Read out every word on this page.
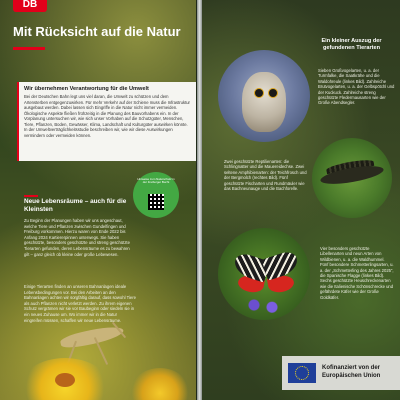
DB
Mit Rücksicht auf die Natur
Wir übernehmen Verantwortung für die Umwelt

Bei der Deutschen Bahn legt uns viel daran, die Umwelt zu schützen und dem Artensterben entgegenzuwirken. Für mehr Verkehr auf der Schiene muss die Infrastruktur ausgebaut werden. Dabei lassen sich Eingriffe in die Natur nicht immer vermeiden. Ökologische Aspekte fließen frühzeitig in die Planung des Bauvorhabens ein. In der Vorplanung untersuchen wir, wie sich unser Vorhaben auf die Schutzgüter, Menschen, Tiere, Pflanzen, Boden, Gewässer, Klima, Landschaft und Kulturgüter auswirken könnte. In der Umweltverträglichkeitsstudie beschreiben wir, wie wir diese Auswirkungen vermindern oder vermeiden können.

Neue Lebensräume – auch für die Kleinsten

Zu Beginn der Planungen haben wir uns angeschaut, welche Tiere und Pflanzen zwischen Gundelfingen und Freiburg vorkommen. Hierzu waren von Ende 2022 bis Anfang 2024 Kartiererpinnen unterwegs. Sie haben geschützte, besonders geschützte und streng geschützte Tierarten gefunden, deren Lebensräume es zu bewahren gilt – ganz gleich ob kleine oder große Lebewesen.

Einige Tierarten finden an unseren Bahnanlagen ideale Lebensbedingungen vor. Bei den Arbeiten an den Bahnanlagen achten wir sorgfältig darauf, dass sowohl Tiere als auch Pflanzen nicht verletzt werden. Zu ihrem eigenen Schutz vergrämen wir sie vor Baubeginn oder siedeln sie in ein neues Zuhause um. Wo immer wir in die Natur eingreifen müssen, schaffen wir neue Lebensräume.

Hinweise zum Naturschutz in der Freiburger Bucht
Ein kleiner Auszug der gefundenen Tierarten

Sieben Großvogelarten, u. a. der Turmfalke, die Saatkrähe und die Waldohreule (linkes Bild). Zahlreiche Brutvogelarten, u. a. der Gelbspötchl und der Kuckuck. Zahlreiche streng geschützte Fledermausarten wie der Große Abendsegler.

Zwei geschützte Reptilienarten: die Schlingnatter und die Mauereidechse. Zwei seltene Amphibienarten: der Teichfrosch und der Bergmolch (rechtes Bild). Fünf geschützte Fischarten und Rundmäuler wie das Bachneunauge und die Bachforelle.

Vier besonders geschützte Libellenarten und neun Arten von Wildbienen, u. a. die Waldhummel. Fünf besondere Schmetterlingsarten, u. a. der „Schmetterling des Jahres 2025“, die Spanische Flagge (linkes Bild). Sechs geschützte Heuschreckenarten wie die Italienische Schönschrecke und gefährdete Käfer wie der Große Goldkäfer.

Kofinanziert von der Europäischen Union
